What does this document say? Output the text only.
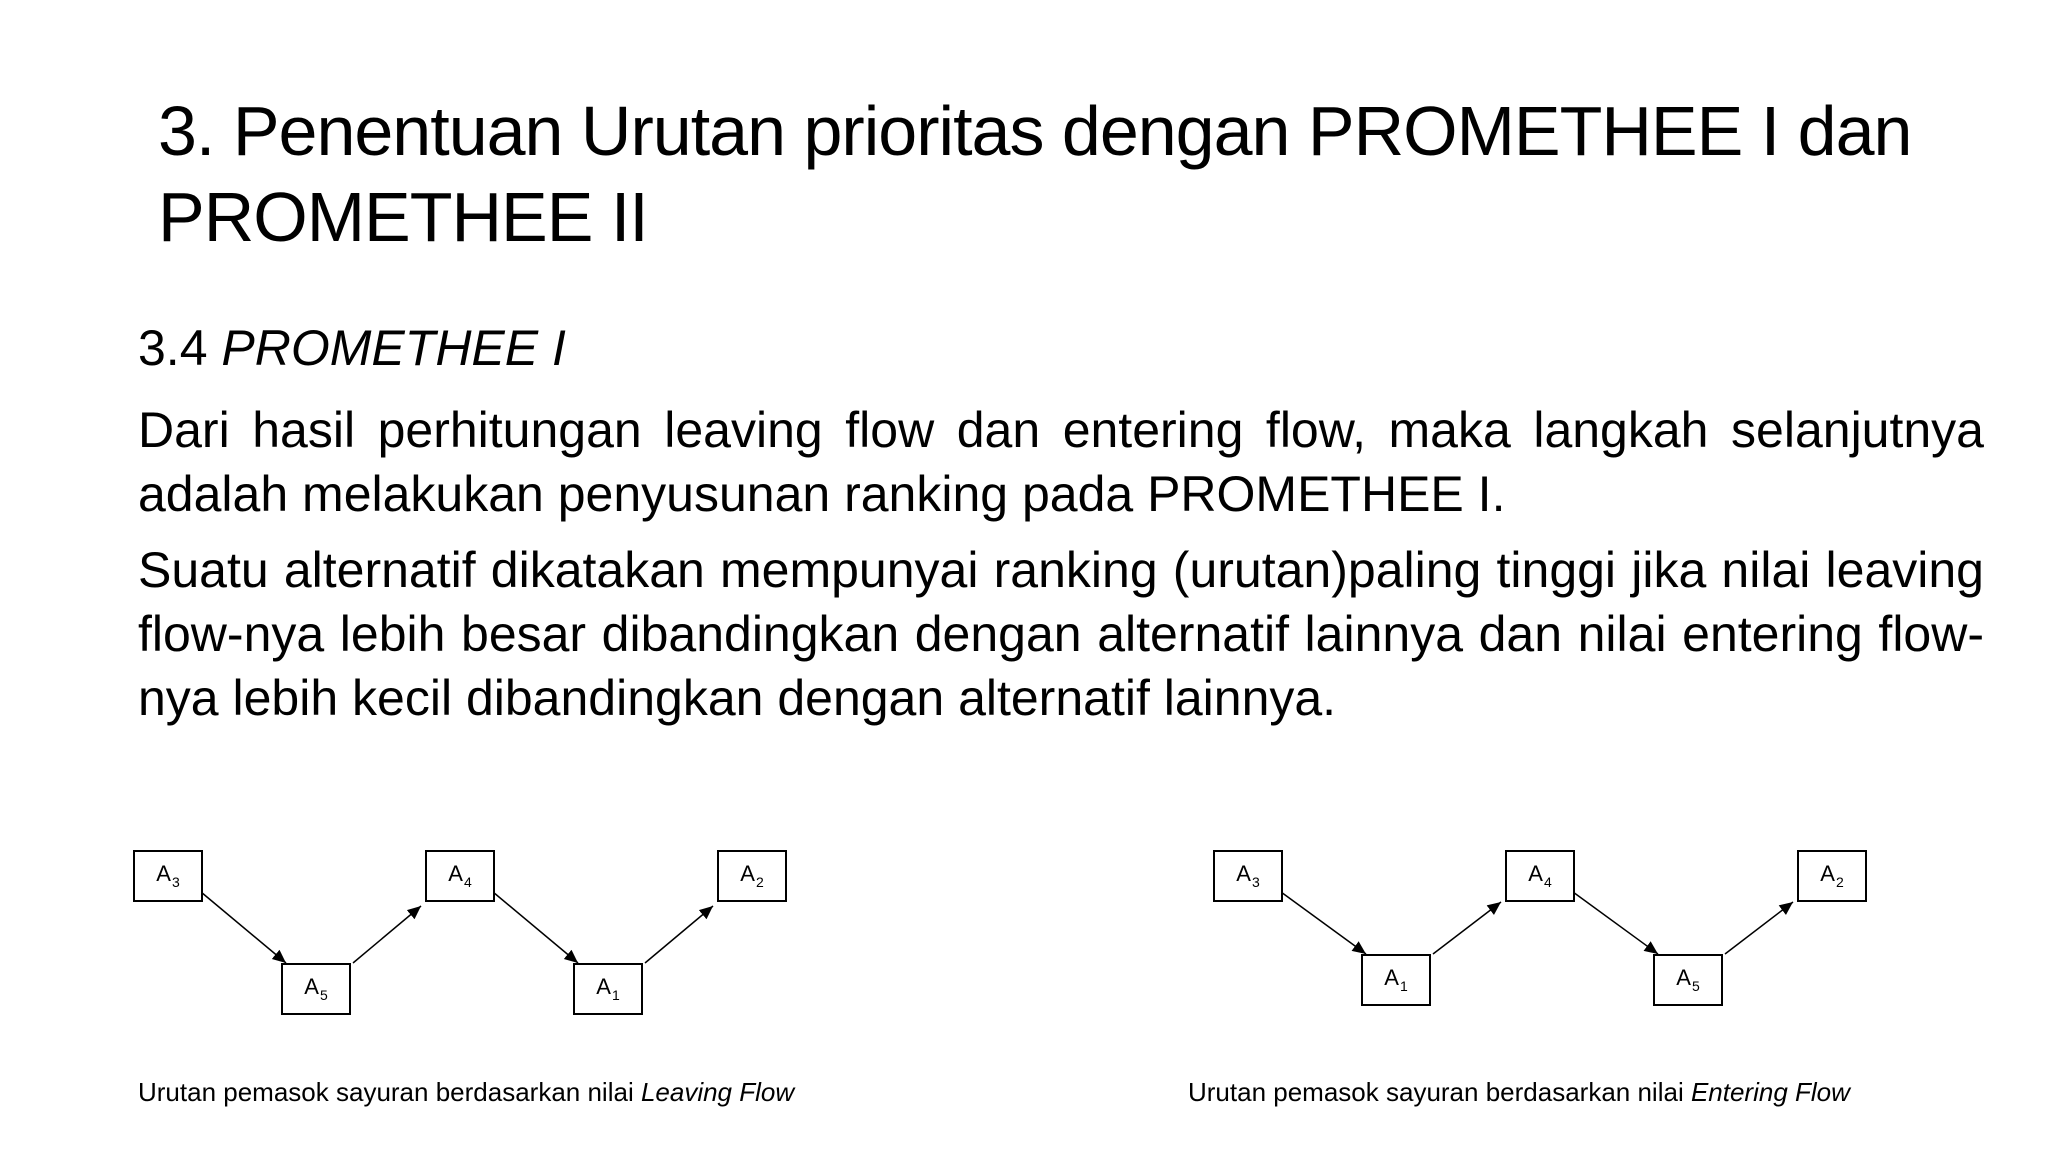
3. Penentuan Urutan prioritas dengan PROMETHEE I dan
PROMETHEE II

3.4 PROMETHEE I

Dari hasil perhitungan leaving flow dan entering flow, maka langkah selanjutnya adalah melakukan penyusunan ranking pada PROMETHEE I.

Suatu alternatif dikatakan mempunyai ranking (urutan)paling tinggi jika nilai leaving flow-nya lebih besar dibandingkan dengan alternatif lainnya dan nilai entering flow-nya lebih kecil dibandingkan dengan alternatif lainnya.

$A_3$
$A_5$
$A_4$
$A_1$
$A_2$	$A_3$
$A_1$
$A_4$
$A_5$
$A_2$
Urutan pemasok sayuran berdasarkan nilai Leaving Flow	Urutan pemasok sayuran berdasarkan nilai Entering Flow
